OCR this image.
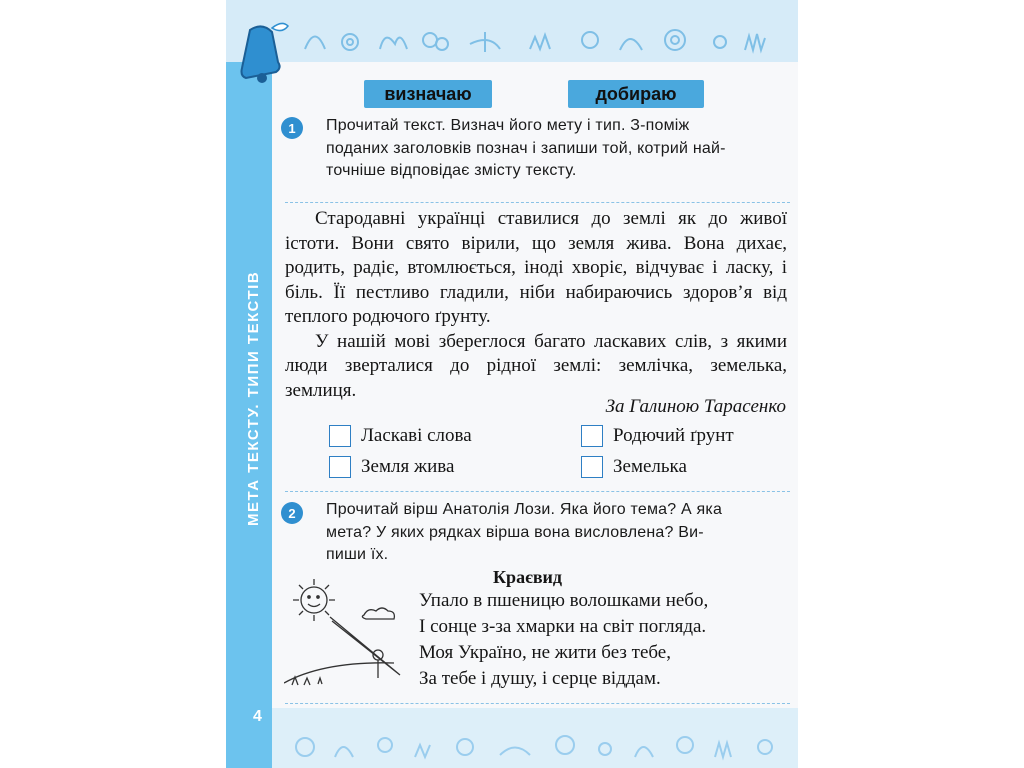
МЕТА ТЕКСТУ. ТИПИ ТЕКСТІВ
4
визначаю	добираю
1	Прочитай текст. Визнач його мету і тип. З-поміж
поданих заголовків познач і запиши той, котрий най-
точніше відповідає змісту тексту.

Стародавні українці ставилися до землі як до живої істоти. Вони свято вірили, що земля жива. Вона дихає, родить, радіє, втомлюється, іноді хворіє, відчуває і ласку, і біль. Її пестливо гладили, ніби набираючись здоров’я від теплого родючого ґрунту.

У нашій мові збереглося багато ласкавих слів, з якими люди зверталися до рідної землі: землічка, земелька, землиця.

За Галиною Тарасенко
Ласкаві слова	Родючий ґрунт
Земля жива	Земелька
2	Прочитай вірш Анатолія Лози. Яка його тема? А яка
мета? У яких рядках вірша вона висловлена? Ви-
пиши їх.
Краєвид
Упало в пшеницю волошками небо,
І сонце з-за хмарки на світ погляда.
Моя Україно, не жити без тебе,
За тебе і душу, і серце віддам.
